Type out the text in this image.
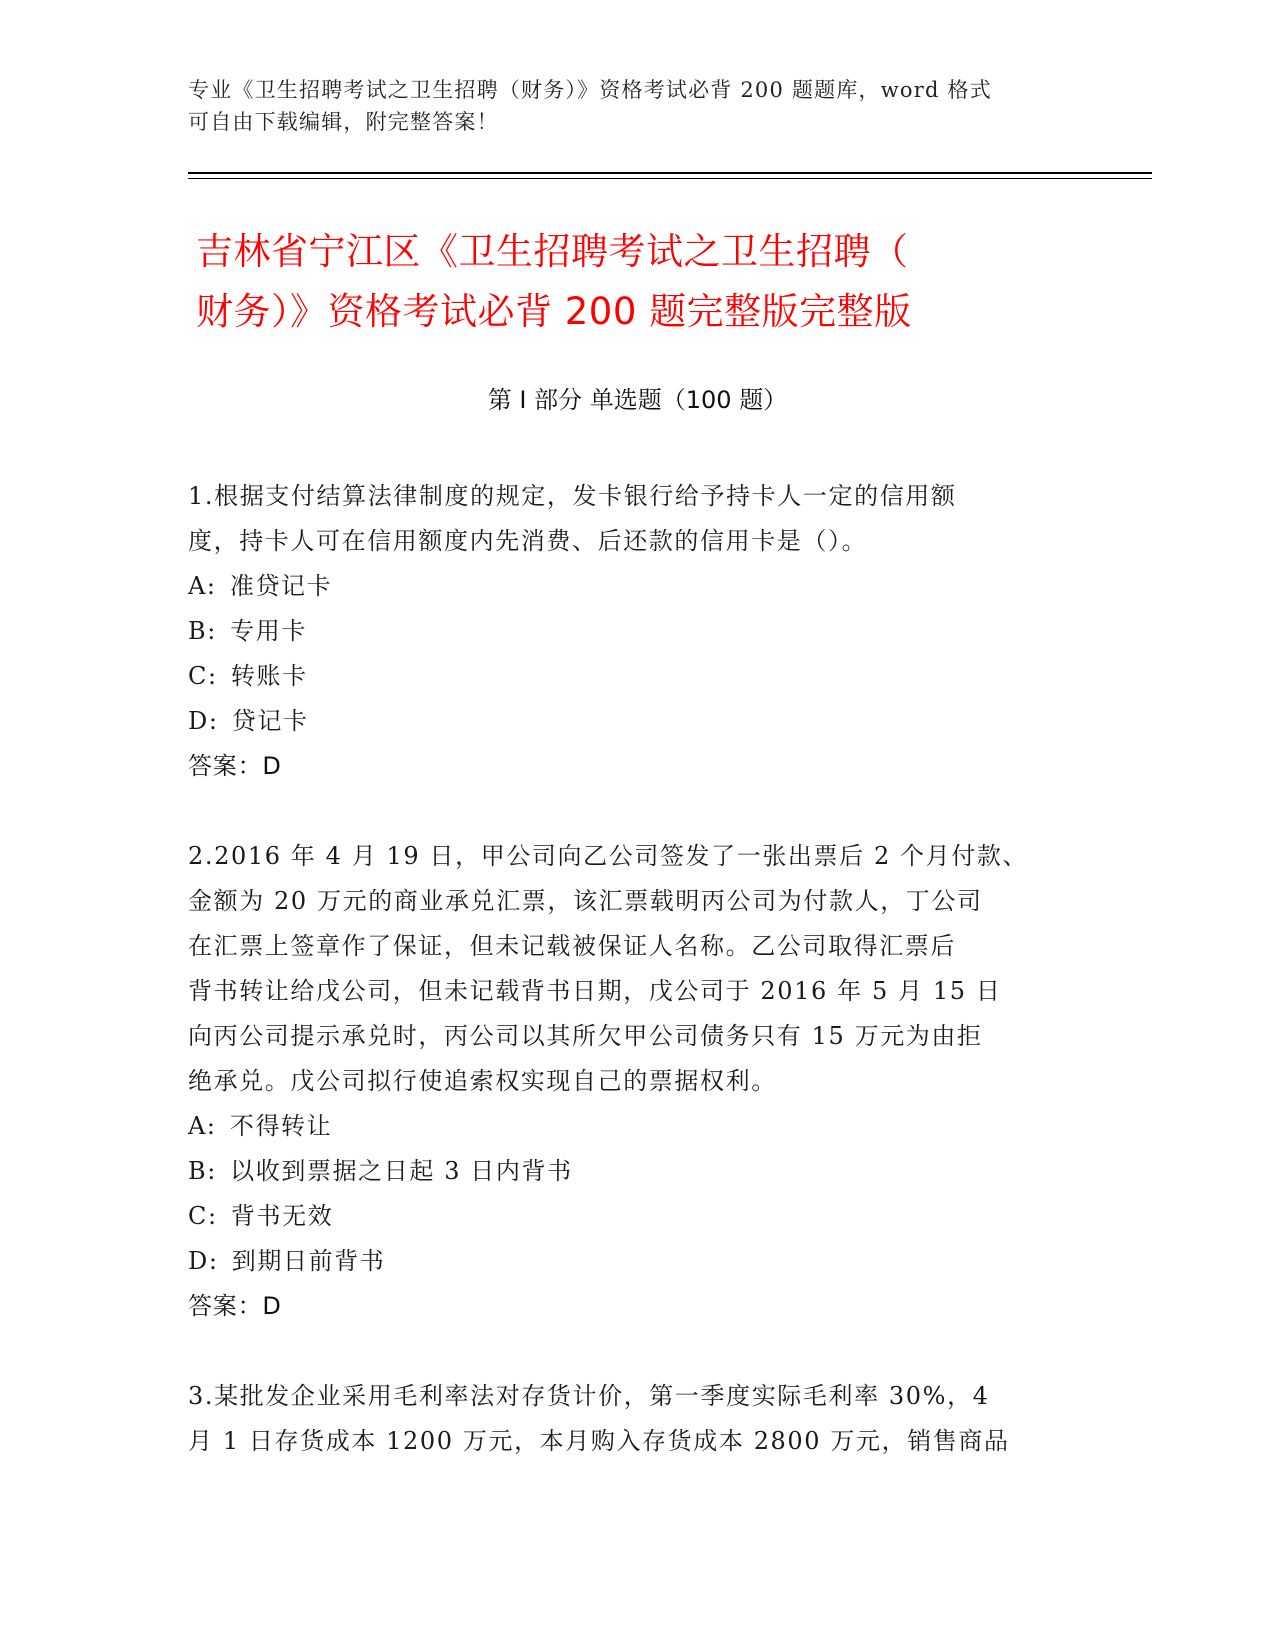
专业《卫生招聘考试之卫生招聘（财务）》资格考试必背 200 题题库，word 格式
可自由下载编辑，附完整答案！
吉林省宁江区《卫生招聘考试之卫生招聘（
财务）》资格考试必背 200 题完整版完整版
第 I 部分 单选题（100 题）
1.根据支付结算法律制度的规定，发卡银行给予持卡人一定的信用额
度，持卡人可在信用额度内先消费、后还款的信用卡是（）。
A: 准贷记卡
B: 专用卡
C: 转账卡
D: 贷记卡
答案：D
2.2016 年 4 月 19 日，甲公司向乙公司签发了一张出票后 2 个月付款、
金额为 20 万元的商业承兑汇票，该汇票载明丙公司为付款人，丁公司
在汇票上签章作了保证，但未记载被保证人名称。乙公司取得汇票后
背书转让给戊公司，但未记载背书日期，戊公司于 2016 年 5 月 15 日
向丙公司提示承兑时，丙公司以其所欠甲公司债务只有 15 万元为由拒
绝承兑。戊公司拟行使追索权实现自己的票据权利。
A: 不得转让
B: 以收到票据之日起 3 日内背书
C: 背书无效
D: 到期日前背书
答案：D
3.某批发企业采用毛利率法对存货计价，第一季度实际毛利率 30%，4
月 1 日存货成本 1200 万元，本月购入存货成本 2800 万元，销售商品
